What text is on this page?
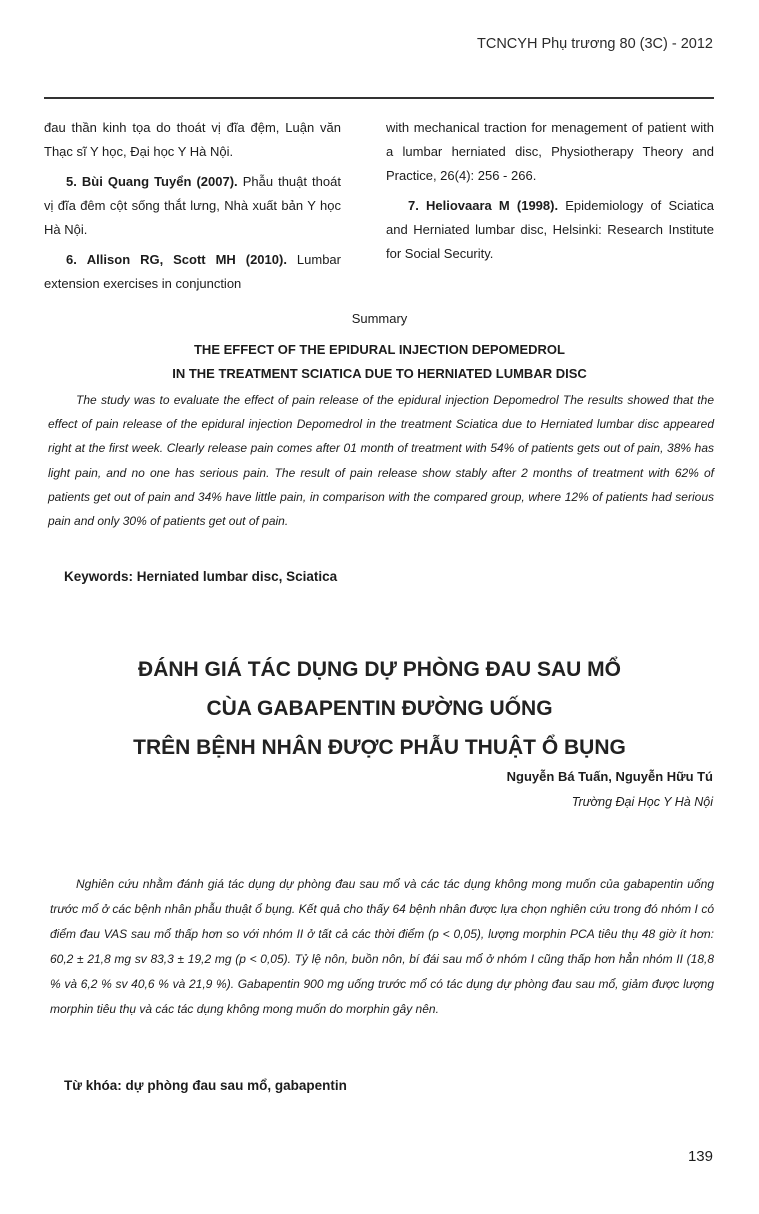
TCNCYH Phụ trương 80 (3C) - 2012

đau thần kinh tọa do thoát vị đĩa đệm, Luận văn Thạc sĩ Y học, Đại học Y Hà Nội.

5. Bùi Quang Tuyển (2007). Phẫu thuật thoát vị đĩa đêm cột sống thắt lưng, Nhà xuất bản Y học Hà Nội.

6. Allison RG, Scott MH (2010). Lumbar extension exercises in conjunction

with mechanical traction for menagement of patient with a lumbar herniated disc, Physiotherapy Theory and Practice, 26(4): 256 - 266.

7. Heliovaara M (1998). Epidemiology of Sciatica and Herniated lumbar disc, Helsinki: Research Institute for Social Security.

Summary
THE EFFECT OF THE EPIDURAL INJECTION DEPOMEDROL
IN THE TREATMENT SCIATICA DUE TO HERNIATED LUMBAR DISC
The study was to evaluate the effect of pain release of the epidural injection Depomedrol The results showed that the effect of pain release of the epidural injection Depomedrol in the treatment Sciatica due to Herniated lumbar disc appeared right at the first week. Clearly release pain comes after 01 month of treatment with 54% of patients gets out of pain, 38% has light pain, and no one has serious pain. The result of pain release show stably after 2 months of treatment with 62% of patients get out of pain and 34% have little pain, in comparison with the compared group, where 12% of patients had serious pain and only 30% of patients get out of pain.
Keywords: Herniated lumbar disc, Sciatica
ĐÁNH GIÁ TÁC DỤNG DỰ PHÒNG ĐAU SAU MỔ
CÙA GABAPENTIN ĐƯỜNG UỐNG
TRÊN BỆNH NHÂN ĐƯỢC PHẪU THUẬT Ổ BỤNG
Nguyễn Bá Tuấn, Nguyễn Hữu Tú
Trường Đại Học Y Hà Nội
Nghiên cứu nhằm đánh giá tác dụng dự phòng đau sau mổ và các tác dụng không mong muốn của gabapentin uống trước mổ ở các bệnh nhân phẫu thuật ổ bụng. Kết quả cho thấy 64 bệnh nhân được lựa chọn nghiên cứu trong đó nhóm I có điểm đau VAS sau mổ thấp hơn so với nhóm II ở tất cả các thời điểm (p < 0,05), lượng morphin PCA tiêu thụ 48 giờ ít hơn: 60,2 ± 21,8 mg sv 83,3 ± 19,2 mg (p < 0,05). Tỷ lệ nôn, buồn nôn, bí đái sau mổ ở nhóm I cũng thấp hơn hẳn nhóm II (18,8 % và 6,2 % sv 40,6 % và 21,9 %). Gabapentin 900 mg uống trước mổ có tác dụng dự phòng đau sau mổ, giảm được lượng morphin tiêu thụ và các tác dụng không mong muốn do morphin gây nên.
Từ khóa: dự phòng đau sau mổ, gabapentin
139
